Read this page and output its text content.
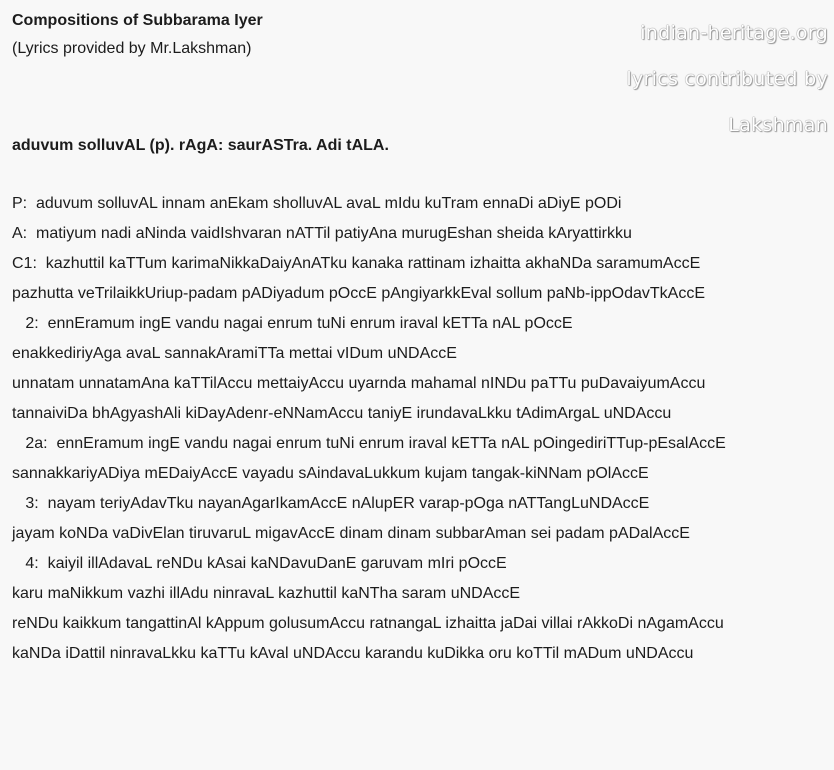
indian-heritage.org
lyrics contributed by
Lakshman
Compositions of Subbarama Iyer
(Lyrics provided by Mr.Lakshman)
aduvum solluvAL (p). rAgA: saurASTra. Adi tALA.
P:  aduvum solluvAL innam anEkam sholluvAL avaL mIdu kuTram ennaDi aDiyE pODi
A:  matiyum nadi aNinda vaidIshvaran nATTil patiyAna murugEshan sheida kAryattirkku
C1:  kazhuttil kaTTum karimaNikkaDaiyAnATku kanaka rattinam izhaitta akhaNDa saramumAccE
pazhutta veTrilaikkUriup-padam pADiyadum pOccE pAngiyarkkEval sollum paNb-ippOdavTkAccE
2:  ennEramum ingE vandu nagai enrum tuNi enrum iraval kETTa nAL pOccE
enakkediriyAga avaL sannakAramiTTa mettai vIDum uNDAccE
unnatam unnatamAna kaTTilAccu mettaiyAccu uyarnda mahamal nINDu paTTu puDavaiyumAccu
tannaiviDa bhAgyashAli kiDayAdenr-eNNamAccu taniyE irundavaLkku tAdimArgaL uNDAccu
2a:  ennEramum ingE vandu nagai enrum tuNi enrum iraval kETTa nAL pOingediriTTup-pEsalAccE
sannakkariyADiya mEDaiyAccE vayadu sAindavaLukkum kujam tangak-kiNNam pOlAccE
3:  nayam teriyAdavTku nayanAgarIkamAccE nAlupER varap-pOga nATTangLuNDAccE
jayam koNDa vaDivElan tiruvaruL migavAccE dinam dinam subbarAman sei padam pADalAccE
4:  kaiyil illAdavaL reNDu kAsai kaNDavuDanE garuvam mIri pOccE
karu maNikkum vazhi illAdu ninravaL kazhuttil kaNTha saram uNDAccE
reNDu kaikkum tangattinAl kAppum golusumAccu ratnangaL izhaitta jaDai villai rAkkoDi nAgamAccu
kaNDa iDattil ninravaLkku kaTTu kAval uNDAccu karandu kuDikka oru koTTil mADum uNDAccu
